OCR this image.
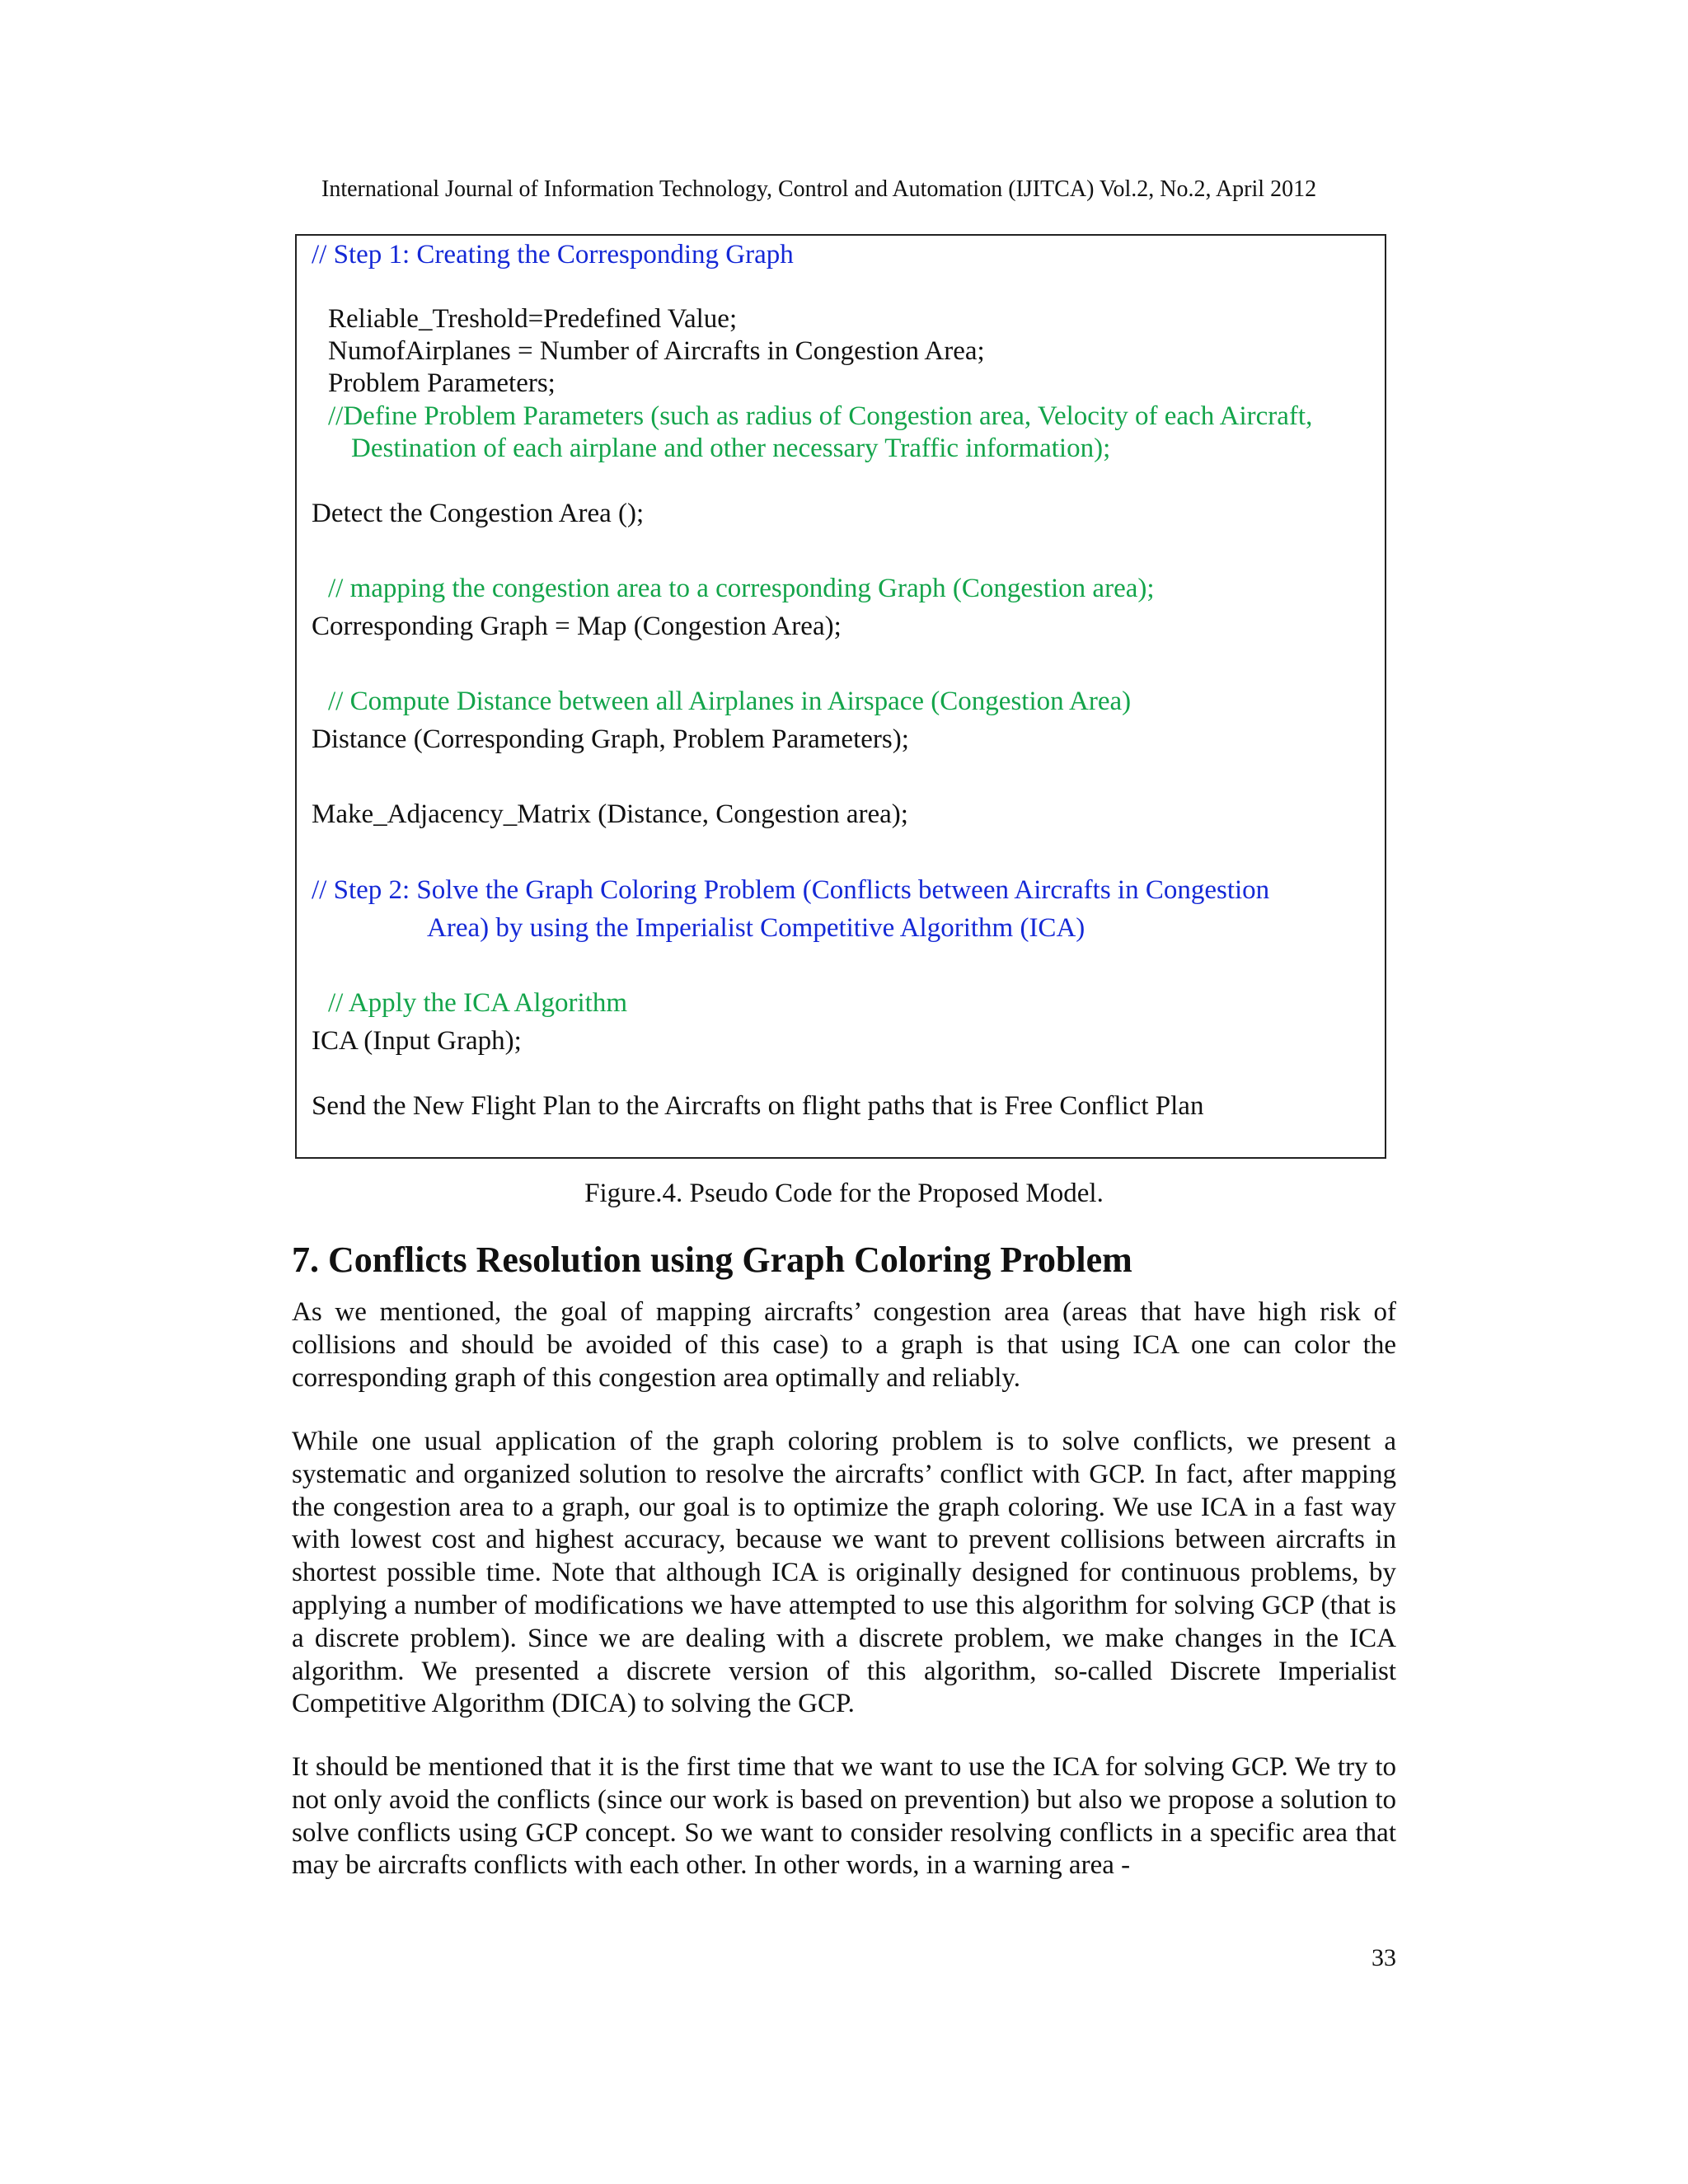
International Journal of Information Technology, Control and Automation (IJITCA) Vol.2, No.2, April 2012
// Step 1: Creating the Corresponding Graph
Reliable_Treshold=Predefined Value;
NumofAirplanes = Number of Aircrafts in Congestion Area;
Problem Parameters;
//Define Problem Parameters (such as radius of Congestion area, Velocity of each Aircraft,
Destination of each airplane and other necessary Traffic information);
Detect the Congestion Area ();
// mapping the congestion area to a corresponding Graph (Congestion area);
Corresponding Graph = Map (Congestion Area);
// Compute Distance between all Airplanes in Airspace (Congestion Area)
Distance (Corresponding Graph, Problem Parameters);
Make_Adjacency_Matrix (Distance, Congestion area);
// Step 2: Solve the Graph Coloring Problem (Conflicts between Aircrafts in Congestion
Area) by using the Imperialist Competitive Algorithm (ICA)
// Apply the ICA Algorithm
ICA (Input Graph);
Send the New Flight Plan to the Aircrafts on flight paths that is Free Conflict Plan
Figure.4. Pseudo Code for the Proposed Model.
7. Conflicts Resolution using Graph Coloring Problem

As we mentioned, the goal of mapping aircrafts’ congestion area (areas that have high risk of collisions and should be avoided of this case) to a graph is that using ICA one can color the corresponding graph of this congestion area optimally and reliably.

While one usual application of the graph coloring problem is to solve conflicts, we present a systematic and organized solution to resolve the aircrafts’ conflict with GCP. In fact, after mapping the congestion area to a graph, our goal is to optimize the graph coloring. We use ICA in a fast way with lowest cost and highest accuracy, because we want to prevent collisions between aircrafts in shortest possible time. Note that although ICA is originally designed for continuous problems, by applying a number of modifications we have attempted to use this algorithm for solving GCP (that is a discrete problem). Since we are dealing with a discrete problem, we make changes in the ICA algorithm. We presented a discrete version of this algorithm, so-called Discrete Imperialist Competitive Algorithm (DICA) to solving the GCP.

It should be mentioned that it is the first time that we want to use the ICA for solving GCP. We try to not only avoid the conflicts (since our work is based on prevention) but also we propose a solution to solve conflicts using GCP concept. So we want to consider resolving conflicts in a specific area that may be aircrafts conflicts with each other. In other words, in a warning area -

33
